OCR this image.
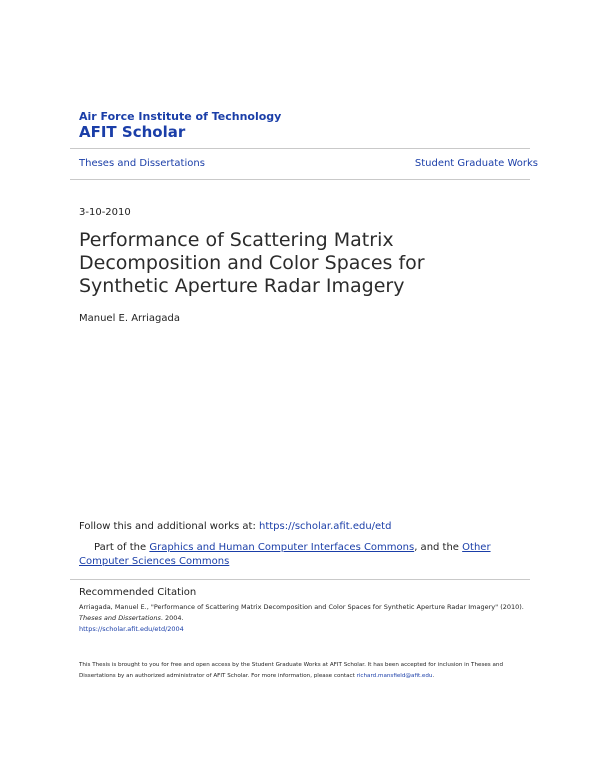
Air Force Institute of Technology
AFIT Scholar
Theses and Dissertations	Student Graduate Works
3-10-2010
Performance of Scattering Matrix Decomposition and Color Spaces for Synthetic Aperture Radar Imagery
Manuel E. Arriagada
Follow this and additional works at: https://scholar.afit.edu/etd
Part of the Graphics and Human Computer Interfaces Commons, and the Other Computer Sciences Commons
Recommended Citation
Arriagada, Manuel E., "Performance of Scattering Matrix Decomposition and Color Spaces for Synthetic Aperture Radar Imagery" (2010). Theses and Dissertations. 2004.
https://scholar.afit.edu/etd/2004
This Thesis is brought to you for free and open access by the Student Graduate Works at AFIT Scholar. It has been accepted for inclusion in Theses and Dissertations by an authorized administrator of AFIT Scholar. For more information, please contact richard.mansfield@afit.edu.
